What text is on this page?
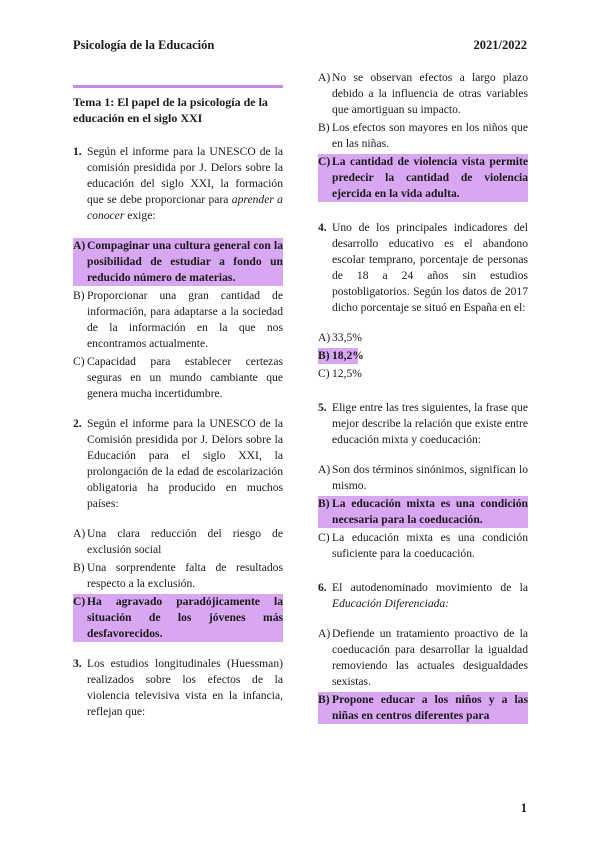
Psicología de la Educación	2021/2022
Tema 1: El papel de la psicología de la educación en el siglo XXI
1. Según el informe para la UNESCO de la comisión presidida por J. Delors sobre la educación del siglo XXI, la formación que se debe proporcionar para aprender a conocer exige:
A) Compaginar una cultura general con la posibilidad de estudiar a fondo un reducido número de materias.
B) Proporcionar una gran cantidad de información, para adaptarse a la sociedad de la información en la que nos encontramos actualmente.
C) Capacidad para establecer certezas seguras en un mundo cambiante que genera mucha incertidumbre.
2. Según el informe para la UNESCO de la Comisión presidida por J. Delors sobre la Educación para el siglo XXI, la prolongación de la edad de escolarización obligatoria ha producido en muchos países:
A) Una clara reducción del riesgo de exclusión social
B) Una sorprendente falta de resultados respecto a la exclusión.
C) Ha agravado paradójicamente la situación de los jóvenes más desfavorecidos.
3. Los estudios longitudinales (Huessman) realizados sobre los efectos de la violencia televisiva vista en la infancia, reflejan que:
A) No se observan efectos a largo plazo debido a la influencia de otras variables que amortiguan su impacto.
B) Los efectos son mayores en los niños que en las niñas.
C) La cantidad de violencia vista permite predecir la cantidad de violencia ejercida en la vida adulta.
4. Uno de los principales indicadores del desarrollo educativo es el abandono escolar temprano, porcentaje de personas de 18 a 24 años sin estudios postobligatorios. Según los datos de 2017 dicho porcentaje se situó en España en el:
A) 33,5%
B) 18,2%
C) 12,5%
5. Elige entre las tres siguientes, la frase que mejor describe la relación que existe entre educación mixta y coeducación:
A) Son dos términos sinónimos, significan lo mismo.
B) La educación mixta es una condición necesaria para la coeducación.
C) La educación mixta es una condición suficiente para la coeducación.
6. El autodenominado movimiento de la Educación Diferenciada:
A) Defiende un tratamiento proactivo de la coeducación para desarrollar la igualdad removiendo las actuales desigualdades sexistas.
B) Propone educar a los niños y a las niñas en centros diferentes para
1
